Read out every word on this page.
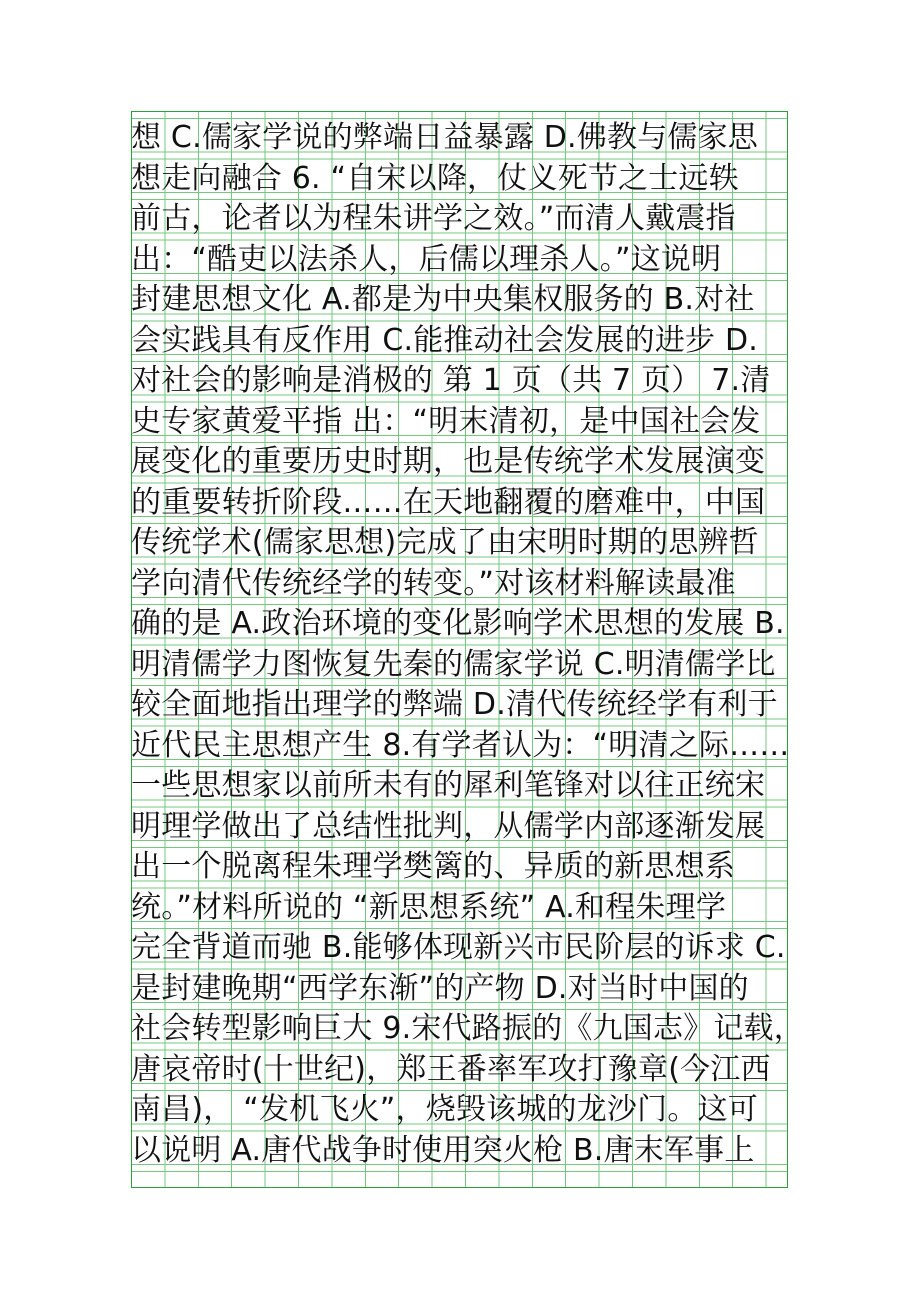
想 C.儒家学说的弊端日益暴露 D.佛教与儒家思
想走向融合 6. “自宋以降，仗义死节之士远轶
前古，论者以为程朱讲学之效。”而清人戴震指
出：“酷吏以法杀人，后儒以理杀人。”这说明
封建思想文化 A.都是为中央集权服务的 B.对社
会实践具有反作用 C.能推动社会发展的进步 D.
对社会的影响是消极的 第 1 页（共 7 页） 7.清
史专家黄爱平指 出：“明末清初，是中国社会发
展变化的重要历史时期，也是传统学术发展演变
的重要转折阶段……在天地翻覆的磨难中，中国
传统学术(儒家思想)完成了由宋明时期的思辨哲
学向清代传统经学的转变。”对该材料解读最准
确的是 A.政治环境的变化影响学术思想的发展 B.
明清儒学力图恢复先秦的儒家学说 C.明清儒学比
较全面地指出理学的弊端 D.清代传统经学有利于
近代民主思想产生 8.有学者认为：“明清之际……
一些思想家以前所未有的犀利笔锋对以往正统宋
明理学做出了总结性批判，从儒学内部逐渐发展
出一个脱离程朱理学樊篱的、异质的新思想系
统。”材料所说的 “新思想系统” A.和程朱理学
完全背道而驰 B.能够体现新兴市民阶层的诉求 C.
是封建晚期“西学东渐”的产物 D.对当时中国的
社会转型影响巨大 9.宋代路振的《九国志》记载，
唐哀帝时(十世纪)，郑王番率军攻打豫章(今江西
南昌)， “发机飞火”，烧毁该城的龙沙门。这可
以说明 A.唐代战争时使用突火枪 B.唐末军事上
